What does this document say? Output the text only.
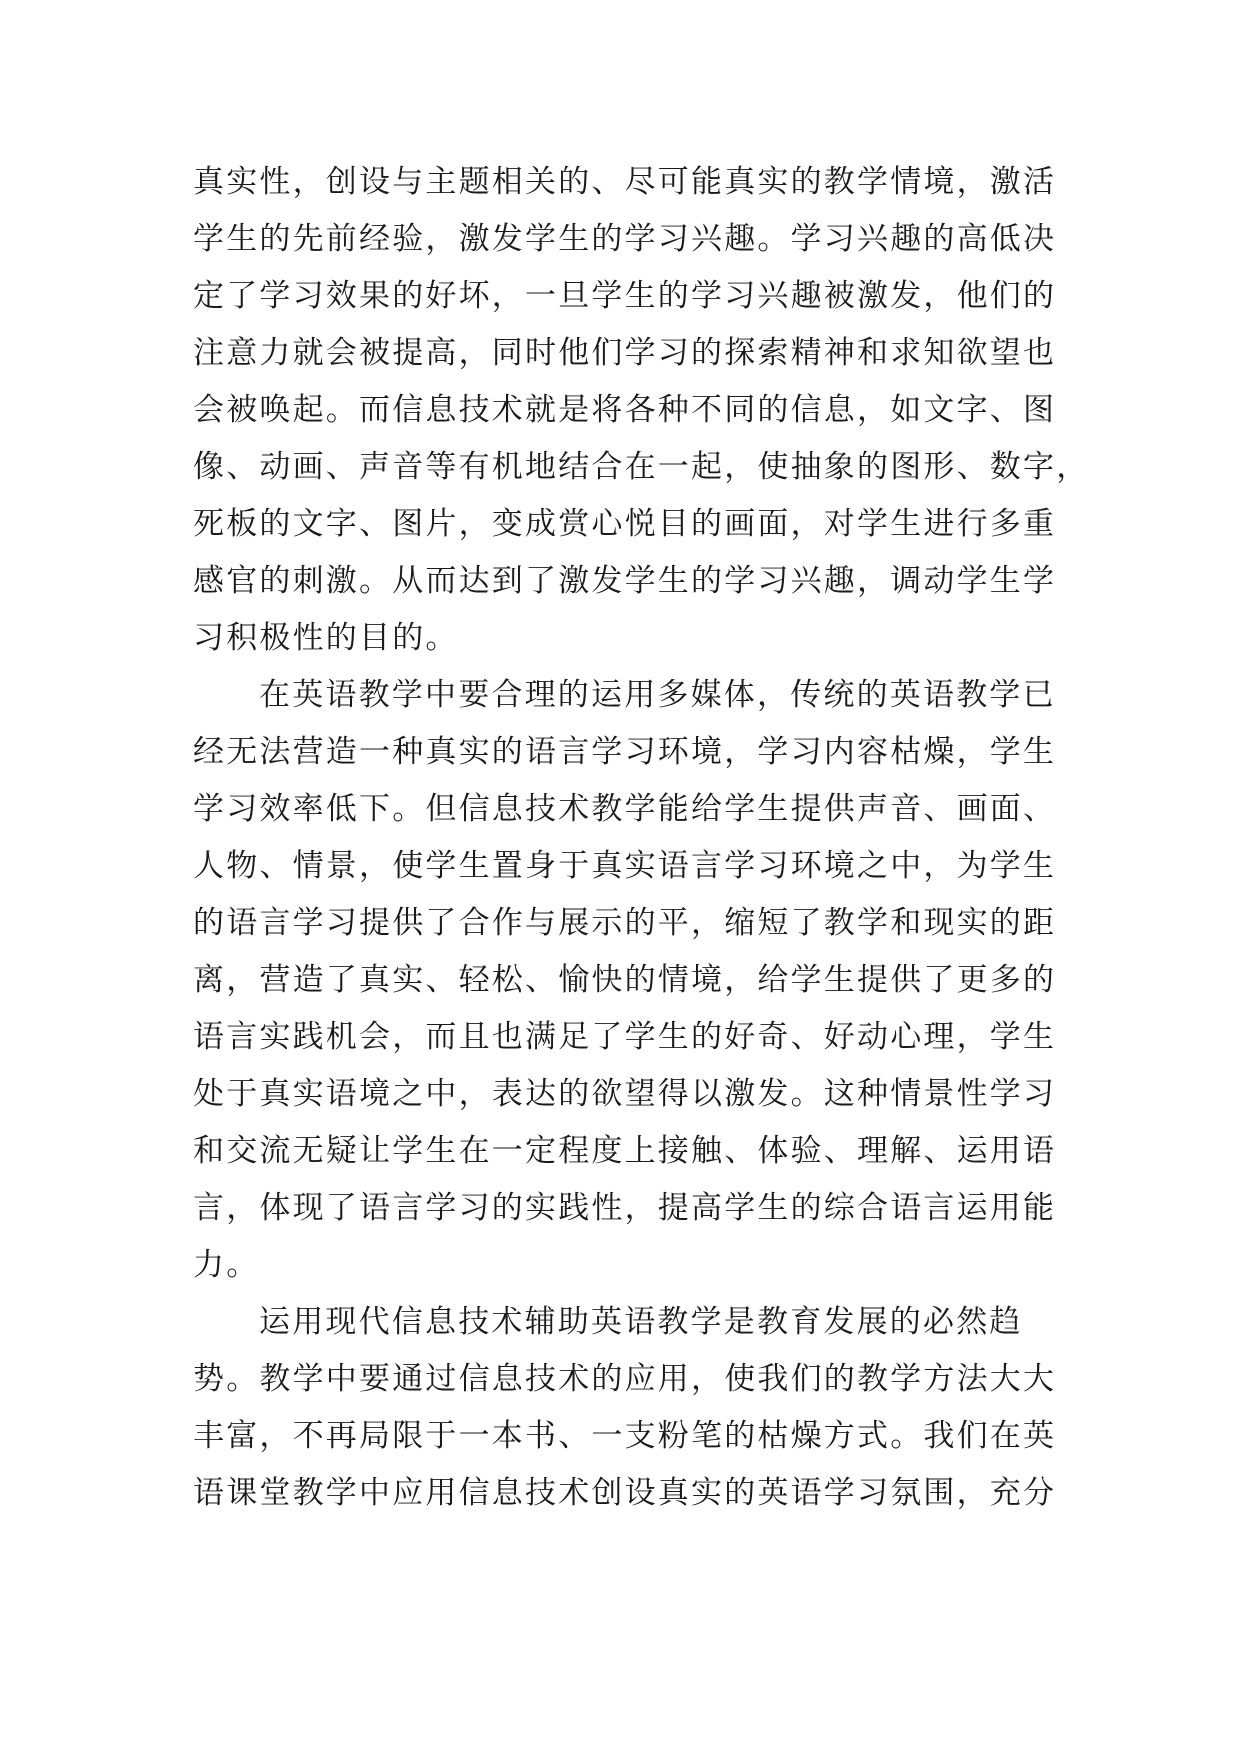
真实性，创设与主题相关的、尽可能真实的教学情境，激活
学生的先前经验，激发学生的学习兴趣。学习兴趣的高低决
定了学习效果的好坏，一旦学生的学习兴趣被激发，他们的
注意力就会被提高，同时他们学习的探索精神和求知欲望也
会被唤起。而信息技术就是将各种不同的信息，如文字、图
像、动画、声音等有机地结合在一起，使抽象的图形、数字，
死板的文字、图片，变成赏心悦目的画面，对学生进行多重
感官的刺激。从而达到了激发学生的学习兴趣，调动学生学
习积极性的目的。
在英语教学中要合理的运用多媒体，传统的英语教学已
经无法营造一种真实的语言学习环境，学习内容枯燥，学生
学习效率低下。但信息技术教学能给学生提供声音、画面、
人物、情景，使学生置身于真实语言学习环境之中，为学生
的语言学习提供了合作与展示的平，缩短了教学和现实的距
离，营造了真实、轻松、愉快的情境，给学生提供了更多的
语言实践机会，而且也满足了学生的好奇、好动心理，学生
处于真实语境之中，表达的欲望得以激发。这种情景性学习
和交流无疑让学生在一定程度上接触、体验、理解、运用语
言，体现了语言学习的实践性，提高学生的综合语言运用能
力。
运用现代信息技术辅助英语教学是教育发展的必然趋
势。教学中要通过信息技术的应用，使我们的教学方法大大
丰富，不再局限于一本书、一支粉笔的枯燥方式。我们在英
语课堂教学中应用信息技术创设真实的英语学习氛围，充分
